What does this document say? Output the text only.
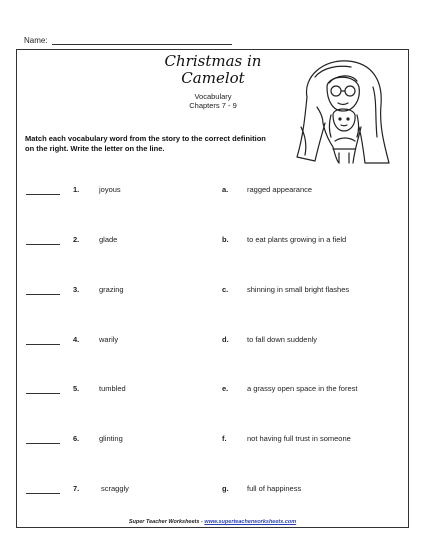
Name:
Christmas in
Camelot
Vocabulary
Chapters 7 - 9
Match each vocabulary word from the story to the correct definition on the right. Write the letter on the line.
1.	joyous	a. ragged appearance
2.	glade	b. to eat plants growing in a field
3.	grazing	c. shinning in small bright flashes
4.	warily	d. to fall down suddenly
5.	tumbled	e. a grassy open space in the forest
6.	glinting	f.	not having full trust in someone
7.	scraggly	g. full of happiness
Super Teacher Worksheets - www.superteacherworksheets.com
